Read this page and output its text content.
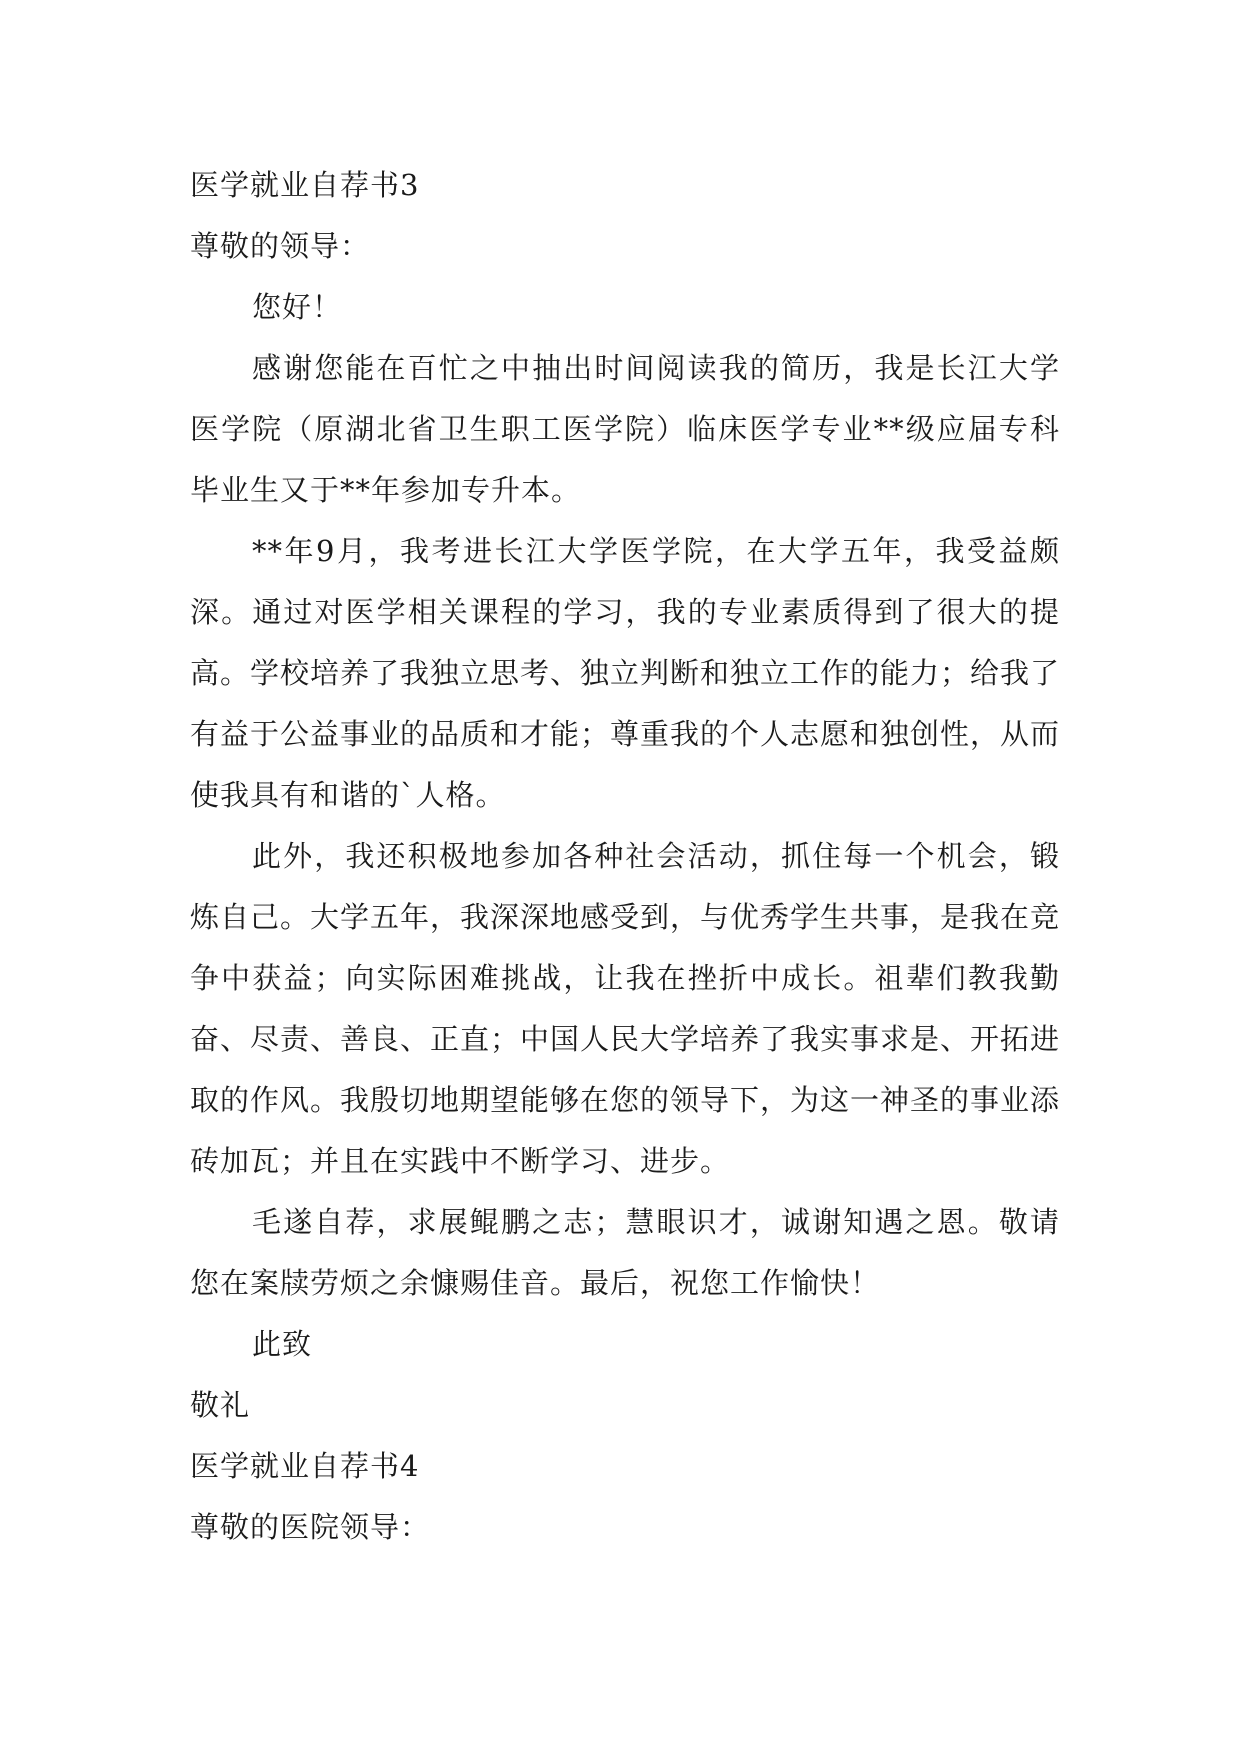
医学就业自荐书3

尊敬的领导：

您好！

感谢您能在百忙之中抽出时间阅读我的简历，我是长江大学医学院（原湖北省卫生职工医学院）临床医学专业**级应届专科毕业生又于**年参加专升本。

**年9月，我考进长江大学医学院，在大学五年，我受益颇深。通过对医学相关课程的学习，我的专业素质得到了很大的提高。学校培养了我独立思考、独立判断和独立工作的能力；给我了有益于公益事业的品质和才能；尊重我的个人志愿和独创性，从而使我具有和谐的`人格。

此外，我还积极地参加各种社会活动，抓住每一个机会，锻炼自己。大学五年，我深深地感受到，与优秀学生共事，是我在竞争中获益；向实际困难挑战，让我在挫折中成长。祖辈们教我勤奋、尽责、善良、正直；中国人民大学培养了我实事求是、开拓进取的作风。我殷切地期望能够在您的领导下，为这一神圣的事业添砖加瓦；并且在实践中不断学习、进步。

毛遂自荐，求展鲲鹏之志；慧眼识才，诚谢知遇之恩。敬请您在案牍劳烦之余慷赐佳音。最后，祝您工作愉快！

此致

敬礼

医学就业自荐书4

尊敬的医院领导：
